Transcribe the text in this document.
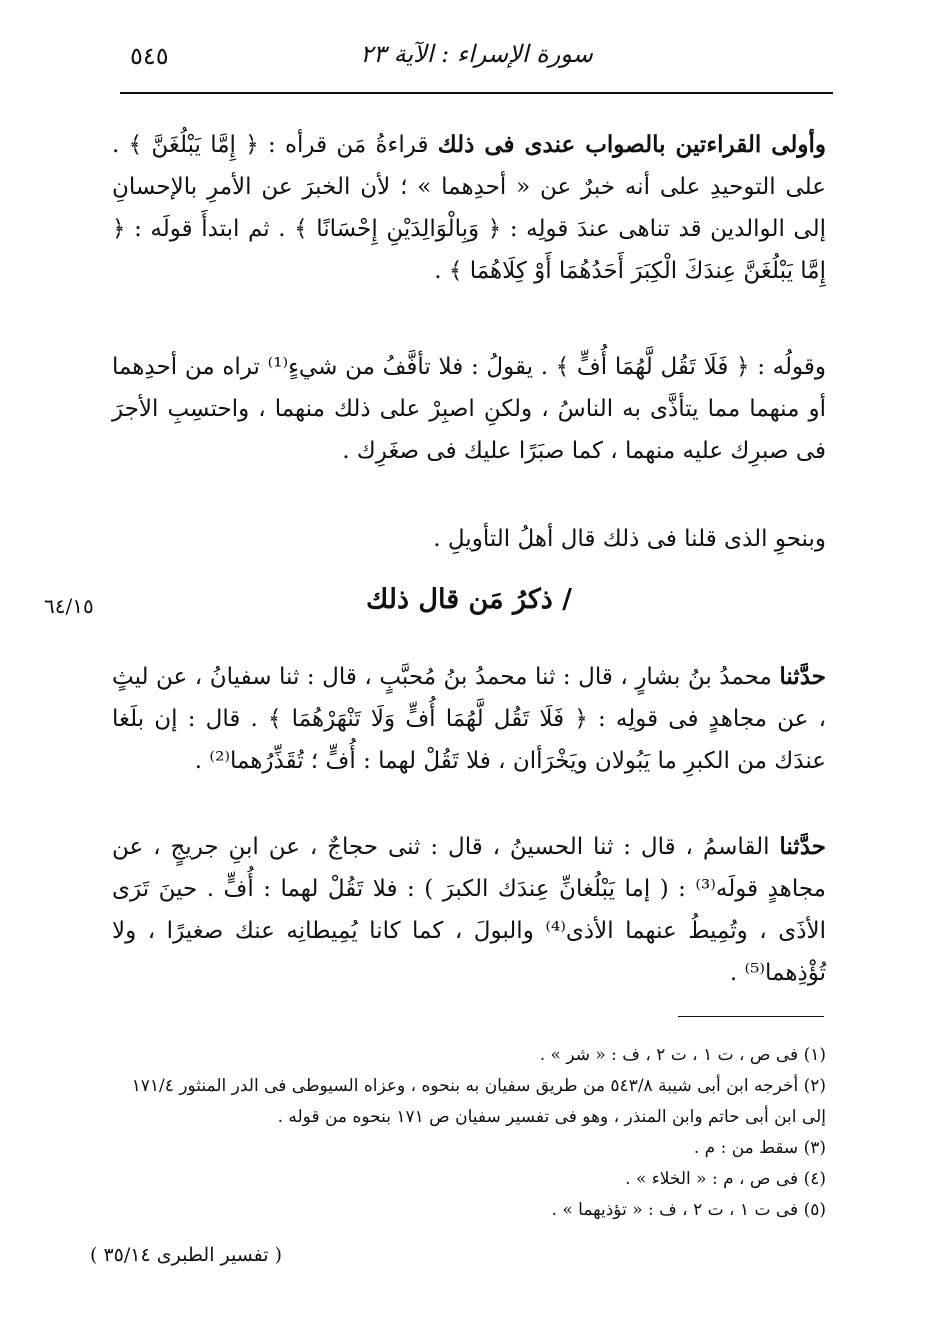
٥٤٥	سورة الإسراء : الآية ٢٣
وأولى القراءتين بالصواب عندى فى ذلك قراءةُ مَن قرأه : ﴿ إِمَّا يَبْلُغَنَّ ﴾ . على التوحيدِ على أنه خبرٌ عن « أحدِهما » ؛ لأن الخبرَ عن الأمرِ بالإحسانِ إلى الوالدين قد تناهى عندَ قولِه : ﴿ وَبِالْوَالِدَيْنِ إِحْسَانًا ﴾ . ثم ابتدأَ قولَه : ﴿ إِمَّا يَبْلُغَنَّ عِندَكَ الْكِبَرَ أَحَدُهُمَا أَوْ كِلَاهُمَا ﴾ .
وقولُه : ﴿ فَلَا تَقُل لَّهُمَا أُفٍّ ﴾ . يقولُ : فلا تأفَّفُ من شيءٍ⁽¹⁾ تراه من أحدِهما أو منهما مما يتأذَّى به الناسُ ، ولكنِ اصبِرْ على ذلك منهما ، واحتسِبِ الأجرَ فى صبرِك عليه منهما ، كما صبَرًا عليك فى صغَرِك .
وبنحوِ الذى قلنا فى ذلك قال أهلُ التأويلِ .
٦٤/١٥	/ ذكرُ مَن قال ذلك
حدَّثنا محمدُ بنُ بشارٍ ، قال : ثنا محمدُ بنُ مُحبَّبٍ ، قال : ثنا سفيانُ ، عن ليثٍ ، عن مجاهدٍ فى قولِه : ﴿ فَلَا تَقُل لَّهُمَا أُفٍّ وَلَا تَنْهَرْهُمَا ﴾ . قال : إن بلَغا عندَك من الكبرِ ما يَبُولان ويَخْرَأان ، فلا تَقُلْ لهما : أُفٍّ ؛ تُقَذِّرُهما⁽²⁾ .
حدَّثنا القاسمُ ، قال : ثنا الحسينُ ، قال : ثنى حجاجٌ ، عن ابنِ جريجٍ ، عن مجاهدٍ قولَه⁽³⁾ : ( إما يَبْلُغانِّ عِندَك الكبرَ ) : فلا تَقُلْ لهما : أُفٍّ . حينَ تَرَى الأذَى ، وتُمِيطُ عنهما الأذى⁽⁴⁾ والبولَ ، كما كانا يُمِيطانِه عنك صغيرًا ، ولا تُؤْذِهما⁽⁵⁾ .
(١) فى ص ، ت ١ ، ت ٢ ، ف : « شر » .
(٢) أخرجه ابن أبى شيبة ٥٤٣/٨ من طريق سفيان به بنحوه ، وعزاه السيوطى فى الدر المنثور ١٧١/٤ إلى ابن أبى حاتم وابن المنذر ، وهو فى تفسير سفيان ص ١٧١ بنحوه من قوله .
(٣) سقط من : م .
(٤) فى ص ، م : « الخلاء » .
(٥) فى ت ١ ، ت ٢ ، ف : « تؤذيهما » .
( تفسير الطبرى ٣٥/١٤ )
